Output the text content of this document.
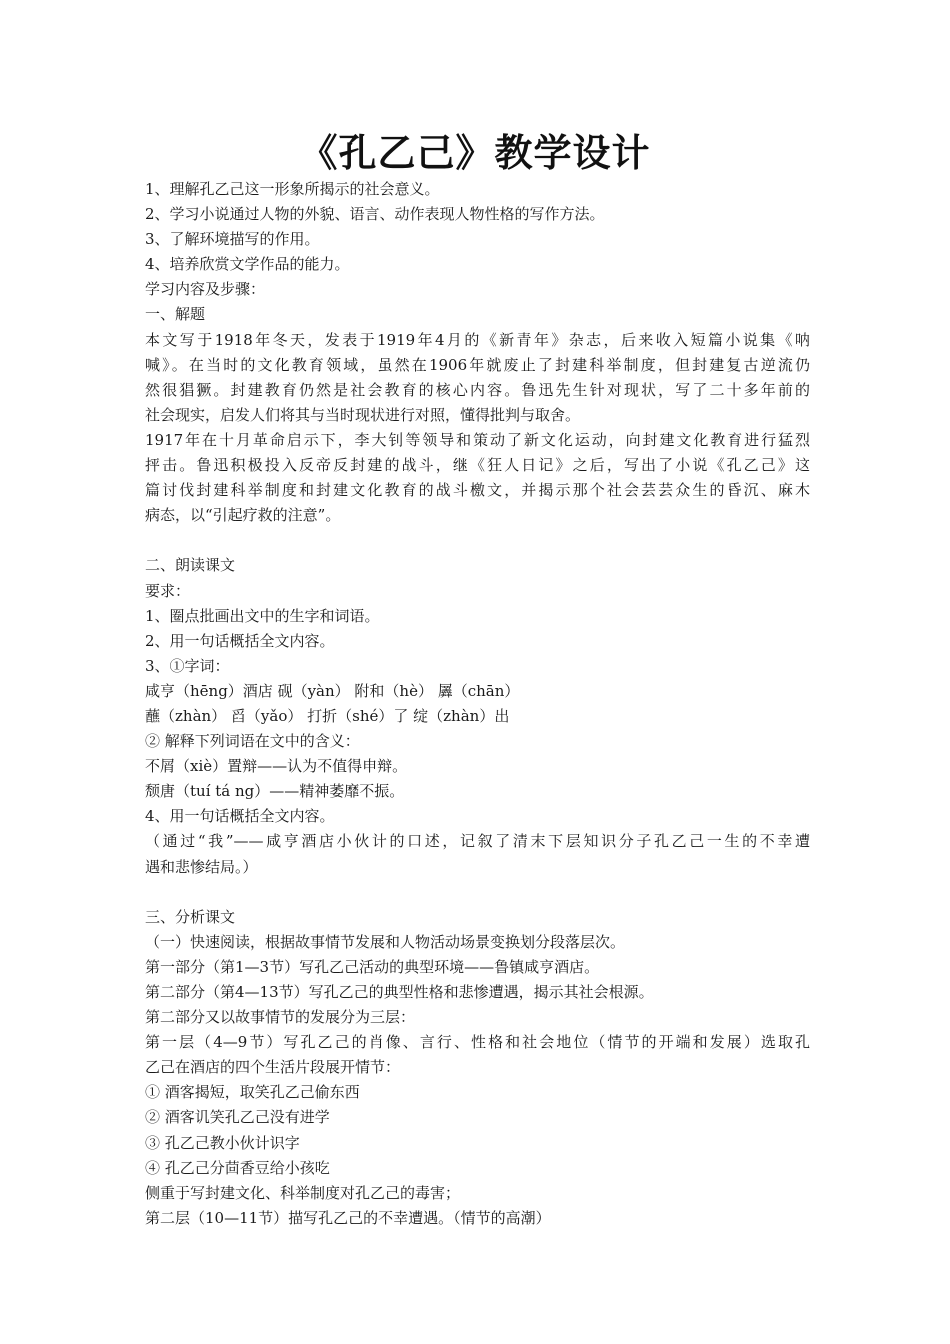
《孔乙己》教学设计
1、理解孔乙己这一形象所揭示的社会意义。
2、学习小说通过人物的外貌、语言、动作表现人物性格的写作方法。
3、了解环境描写的作用。
4、培养欣赏文学作品的能力。
学习内容及步骤：
一、解题
本文写于1918年冬天，发表于1919年4月的《新青年》杂志，后来收入短篇小说集《呐
喊》。在当时的文化教育领域，虽然在1906年就废止了封建科举制度，但封建复古逆流仍
然很猖獗。封建教育仍然是社会教育的核心内容。鲁迅先生针对现状，写了二十多年前的
社会现实，启发人们将其与当时现状进行对照，懂得批判与取舍。
1917年在十月革命启示下，李大钊等领导和策动了新文化运动，向封建文化教育进行猛烈
抨击。鲁迅积极投入反帝反封建的战斗，继《狂人日记》之后，写出了小说《孔乙己》这
篇讨伐封建科举制度和封建文化教育的战斗檄文，并揭示那个社会芸芸众生的昏沉、麻木
病态，以“引起疗救的注意”。
二、朗读课文
要求：
1、圈点批画出文中的生字和词语。
2、用一句话概括全文内容。
3、①字词：
咸亨（hēng）酒店 砚（yàn） 附和（hè） 羼（chān）
蘸（zhàn） 舀（yǎo） 打折（shé）了 绽（zhàn）出
② 解释下列词语在文中的含义：
不屑（xiè）置辩——认为不值得申辩。
颓唐（tuí tá ng）——精神萎靡不振。
4、用一句话概括全文内容。
（通过“我”——咸亨酒店小伙计的口述，记叙了清末下层知识分子孔乙己一生的不幸遭
遇和悲惨结局。）
三、分析课文
（一）快速阅读，根据故事情节发展和人物活动场景变换划分段落层次。
第一部分（第1—3节）写孔乙己活动的典型环境——鲁镇咸亨酒店。
第二部分（第4—13节）写孔乙己的典型性格和悲惨遭遇，揭示其社会根源。
第二部分又以故事情节的发展分为三层：
第一层（4—9节）写孔乙己的肖像、言行、性格和社会地位（情节的开端和发展）选取孔
乙己在酒店的四个生活片段展开情节：
① 酒客揭短，取笑孔乙己偷东西
② 酒客讥笑孔乙己没有进学
③ 孔乙己教小伙计识字
④ 孔乙己分茴香豆给小孩吃
侧重于写封建文化、科举制度对孔乙己的毒害；
第二层（10—11节）描写孔乙己的不幸遭遇。（情节的高潮）
